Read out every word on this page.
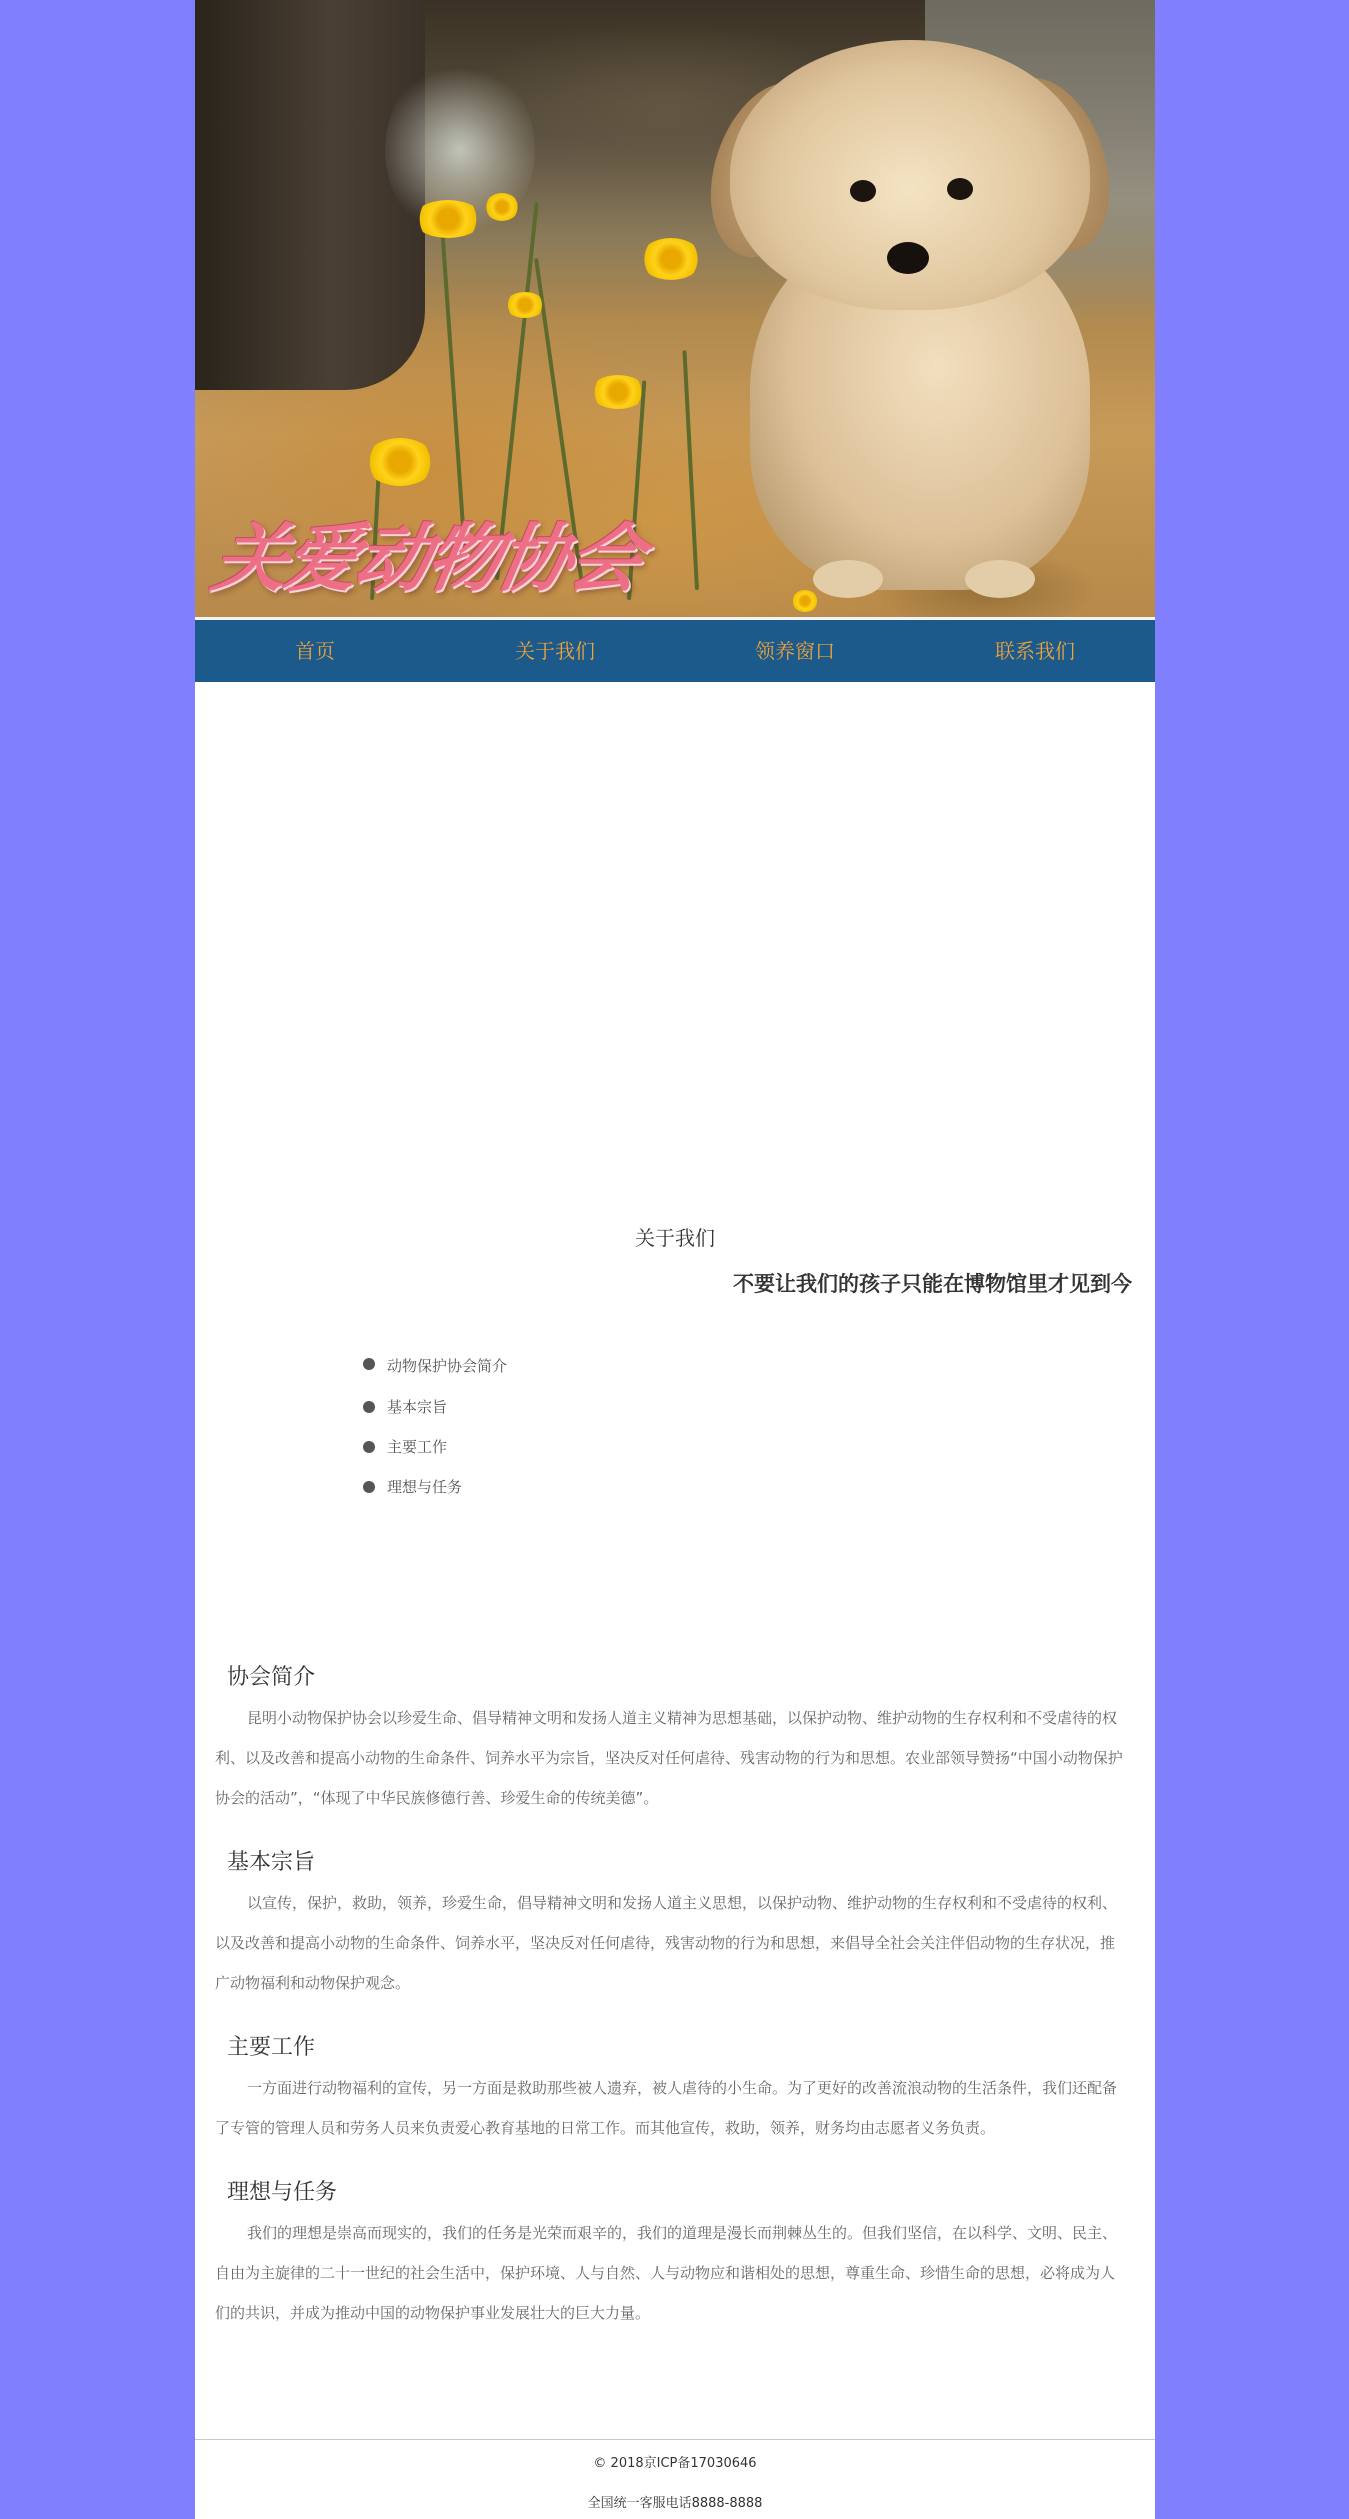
关爱动物协会
首页	关于我们	领养窗口	联系我们
关于我们
不要让我们的孩子只能在博物馆里才见到今
动物保护协会简介
基本宗旨
主要工作
理想与任务
协会简介

昆明小动物保护协会以珍爱生命、倡导精神文明和发扬人道主义精神为思想基础，以保护动物、维护动物的生存权利和不受虐待的权利、以及改善和提高小动物的生命条件、饲养水平为宗旨，坚决反对任何虐待、残害动物的行为和思想。农业部领导赞扬“中国小动物保护协会的活动”，“体现了中华民族修德行善、珍爱生命的传统美德”。

基本宗旨

以宣传，保护，救助，领养，珍爱生命，倡导精神文明和发扬人道主义思想，以保护动物、维护动物的生存权利和不受虐待的权利、以及改善和提高小动物的生命条件、饲养水平，坚决反对任何虐待，残害动物的行为和思想，来倡导全社会关注伴侣动物的生存状况，推广动物福利和动物保护观念。

主要工作

一方面进行动物福利的宣传，另一方面是救助那些被人遗弃，被人虐待的小生命。为了更好的改善流浪动物的生活条件，我们还配备了专管的管理人员和劳务人员来负责爱心教育基地的日常工作。而其他宣传，救助，领养，财务均由志愿者义务负责。

理想与任务

我们的理想是崇高而现实的，我们的任务是光荣而艰辛的，我们的道理是漫长而荆棘丛生的。但我们坚信，在以科学、文明、民主、自由为主旋律的二十一世纪的社会生活中，保护环境、人与自然、人与动物应和谐相处的思想，尊重生命、珍惜生命的思想，必将成为人们的共识，并成为推动中国的动物保护事业发展壮大的巨大力量。

© 2018京ICP备17030646

全国统一客服电话8888-8888
